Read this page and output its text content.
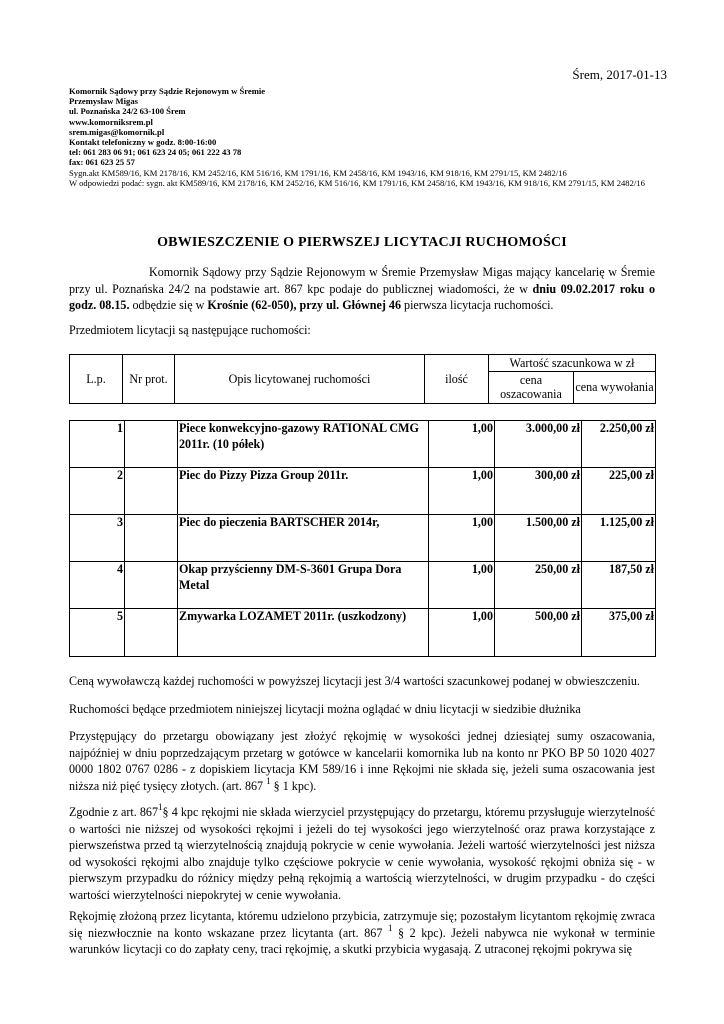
Śrem, 2017-01-13
Komornik Sądowy przy Sądzie Rejonowym w Śremie
Przemysław Migas
ul. Poznańska 24/2 63-100 Śrem
www.komorniksrem.pl
srem.migas@komornik.pl
Kontakt telefoniczny w godz. 8:00-16:00
tel: 061 283 06 91; 061 623 24 05; 061 222 43 78
fax: 061 623 25 57
Sygn.akt KM589/16, KM 2178/16, KM 2452/16, KM 516/16, KM 1791/16, KM 2458/16, KM 1943/16, KM 918/16, KM 2791/15, KM 2482/16
W odpowiedzi podać: sygn. akt KM589/16, KM 2178/16, KM 2452/16, KM 516/16, KM 1791/16, KM 2458/16, KM 1943/16, KM 918/16, KM 2791/15, KM 2482/16
OBWIESZCZENIE O PIERWSZEJ LICYTACJI RUCHOMOŚCI
Komornik Sądowy przy Sądzie Rejonowym w Śremie Przemysław Migas mający kancelarię w Śremie przy ul. Poznańska 24/2 na podstawie art. 867 kpc podaje do publicznej wiadomości, że w dniu 09.02.2017 roku o godz. 08.15. odbędzie się w Krośnie (62-050), przy ul. Głównej 46 pierwsza licytacja ruchomości.
Przedmiotem licytacji są następujące ruchomości:
L.p.	Nr prot.	Opis licytowanej ruchomości	ilość	Wartość szacunkowa w zł	
				cena oszacowania	cena wywołania
1		Piece konwekcyjno-gazowy RATIONAL CMG 2011r. (10 półek)	1,00	3.000,00 zł	2.250,00 zł
2		Piec do Pizzy Pizza Group 2011r.	1,00	300,00 zł	225,00 zł
3		Piec do pieczenia BARTSCHER 2014r,	1,00	1.500,00 zł	1.125,00 zł
4		Okap przyścienny DM-S-3601 Grupa Dora Metal	1,00	250,00 zł	187,50 zł
5		Zmywarka LOZAMET 2011r. (uszkodzony)	1,00	500,00 zł	375,00 zł
Ceną wywoławczą każdej ruchomości w powyższej licytacji jest 3/4 wartości szacunkowej podanej w obwieszczeniu.
Ruchomości będące przedmiotem niniejszej licytacji można oglądać w dniu licytacji w siedzibie dłużnika
Przystępujący do przetargu obowiązany jest złożyć rękojmię w wysokości jednej dziesiątej sumy oszacowania, najpóźniej w dniu poprzedzającym przetarg w gotówce w kancelarii komornika lub na konto nr PKO BP 50 1020 4027 0000 1802 0767 0286 - z dopiskiem licytacja KM 589/16 i inne Rękojmi nie składa się, jeżeli suma oszacowania jest niższa niż pięć tysięcy złotych. (art. 867 $^1$ § 1 kpc).
Zgodnie z art. $867^1\S$ 4 kpc rękojmi nie składa wierzyciel przystępujący do przetargu, któremu przysługuje wierzytelność o wartości nie niższej od wysokości rękojmi i jeżeli do tej wysokości jego wierzytelność oraz prawa korzystające z pierwszeństwa przed tą wierzytelnością znajdują pokrycie w cenie wywołania. Jeżeli wartość wierzytelności jest niższa od wysokości rękojmi albo znajduje tylko częściowe pokrycie w cenie wywołania, wysokość rękojmi obniża się - w pierwszym przypadku do różnicy między pełną rękojmią a wartością wierzytelności, w drugim przypadku - do części wartości wierzytelności niepokrytej w cenie wywołania.
Rękojmię złożoną przez licytanta, któremu udzielono przybicia, zatrzymuje się; pozostałym licytantom rękojmię zwraca się niezwłocznie na konto wskazane przez licytanta (art. 867 $^1$ § 2 kpc). Jeżeli nabywca nie wykonał w terminie warunków licytacji co do zapłaty ceny, traci rękojmię, a skutki przybicia wygasają. Z utraconej rękojmi pokrywa się
